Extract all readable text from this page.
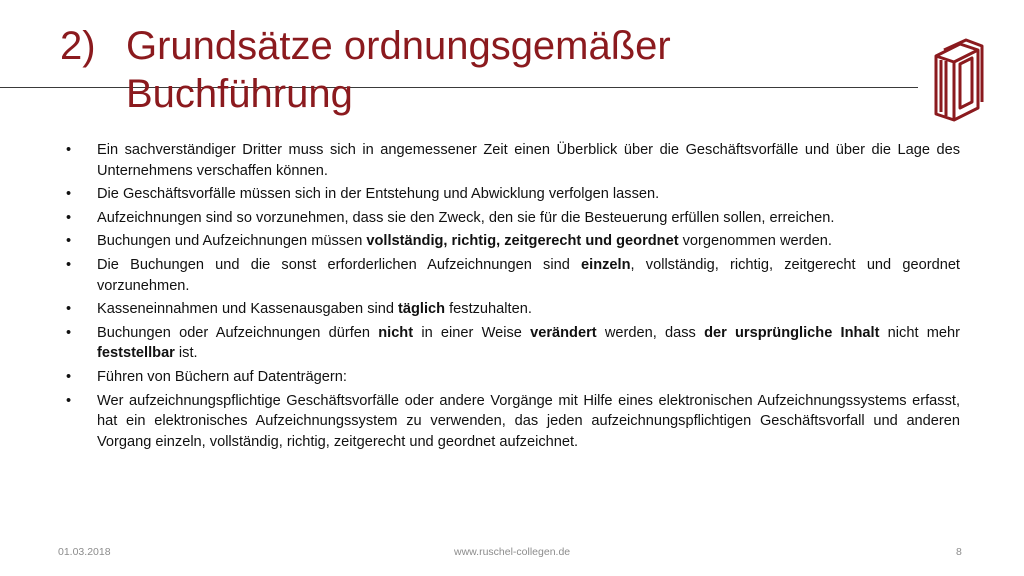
2) Grundsätze ordnungsgemäßer Buchführung
• Ein sachverständiger Dritter muss sich in angemessener Zeit einen Überblick über die Geschäftsvorfälle und über die Lage des Unternehmens verschaffen können.
• Die Geschäftsvorfälle müssen sich in der Entstehung und Abwicklung verfolgen lassen.
• Aufzeichnungen sind so vorzunehmen, dass sie den Zweck, den sie für die Besteuerung erfüllen sollen, erreichen.
• Buchungen und Aufzeichnungen müssen vollständig, richtig, zeitgerecht und geordnet vorgenommen werden.
• Die Buchungen und die sonst erforderlichen Aufzeichnungen sind einzeln, vollständig, richtig, zeitgerecht und geordnet vorzunehmen.
• Kasseneinnahmen und Kassenausgaben sind täglich festzuhalten.
• Buchungen oder Aufzeichnungen dürfen nicht in einer Weise verändert werden, dass der ursprüngliche Inhalt nicht mehr feststellbar ist.
• Führen von Büchern auf Datenträgern:
• Wer aufzeichnungspflichtige Geschäftsvorfälle oder andere Vorgänge mit Hilfe eines elektronischen Aufzeichnungssystems erfasst, hat ein elektronisches Aufzeichnungssystem zu verwenden, das jeden aufzeichnungspflichtigen Geschäftsvorfall und anderen Vorgang einzeln, vollständig, richtig, zeitgerecht und geordnet aufzeichnet.
01.03.2018	www.ruschel-collegen.de	8
